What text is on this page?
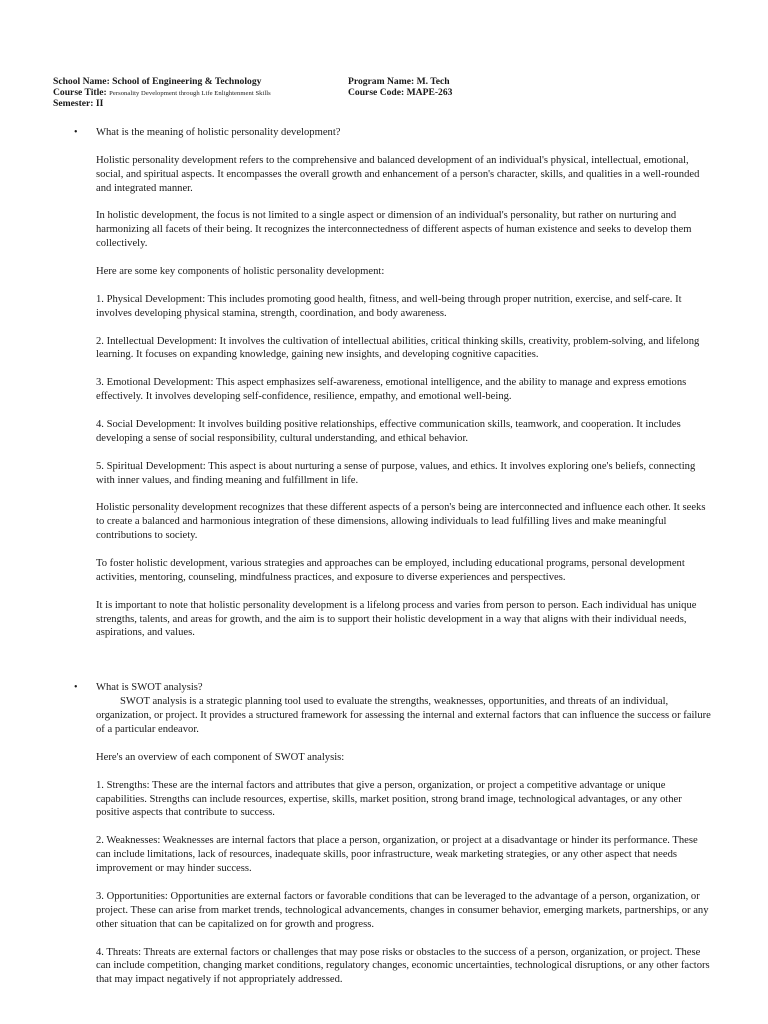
School Name: School of Engineering & Technology	Program Name: M. Tech
Course Title: Personality Development through Life Enlightenment Skills	Course Code: MAPE-263
Semester: II
• What is the meaning of holistic personality development?

Holistic personality development refers to the comprehensive and balanced development of an individual's physical, intellectual, emotional, social, and spiritual aspects. It encompasses the overall growth and enhancement of a person's character, skills, and qualities in a well-rounded and integrated manner.

In holistic development, the focus is not limited to a single aspect or dimension of an individual's personality, but rather on nurturing and harmonizing all facets of their being. It recognizes the interconnectedness of different aspects of human existence and seeks to develop them collectively.

Here are some key components of holistic personality development:

1. Physical Development: This includes promoting good health, fitness, and well-being through proper nutrition, exercise, and self-care. It involves developing physical stamina, strength, coordination, and body awareness.

2. Intellectual Development: It involves the cultivation of intellectual abilities, critical thinking skills, creativity, problem-solving, and lifelong learning. It focuses on expanding knowledge, gaining new insights, and developing cognitive capacities.

3. Emotional Development: This aspect emphasizes self-awareness, emotional intelligence, and the ability to manage and express emotions effectively. It involves developing self-confidence, resilience, empathy, and emotional well-being.

4. Social Development: It involves building positive relationships, effective communication skills, teamwork, and cooperation. It includes developing a sense of social responsibility, cultural understanding, and ethical behavior.

5. Spiritual Development: This aspect is about nurturing a sense of purpose, values, and ethics. It involves exploring one's beliefs, connecting with inner values, and finding meaning and fulfillment in life.

Holistic personality development recognizes that these different aspects of a person's being are interconnected and influence each other. It seeks to create a balanced and harmonious integration of these dimensions, allowing individuals to lead fulfilling lives and make meaningful contributions to society.

To foster holistic development, various strategies and approaches can be employed, including educational programs, personal development activities, mentoring, counseling, mindfulness practices, and exposure to diverse experiences and perspectives.

It is important to note that holistic personality development is a lifelong process and varies from person to person. Each individual has unique strengths, talents, and areas for growth, and the aim is to support their holistic development in a way that aligns with their individual needs, aspirations, and values.

• What is SWOT analysis?

SWOT analysis is a strategic planning tool used to evaluate the strengths, weaknesses, opportunities, and threats of an individual, organization, or project. It provides a structured framework for assessing the internal and external factors that can influence the success or failure of a particular endeavor.

Here's an overview of each component of SWOT analysis:

1. Strengths: These are the internal factors and attributes that give a person, organization, or project a competitive advantage or unique capabilities. Strengths can include resources, expertise, skills, market position, strong brand image, technological advantages, or any other positive aspects that contribute to success.

2. Weaknesses: Weaknesses are internal factors that place a person, organization, or project at a disadvantage or hinder its performance. These can include limitations, lack of resources, inadequate skills, poor infrastructure, weak marketing strategies, or any other aspect that needs improvement or may hinder success.

3. Opportunities: Opportunities are external factors or favorable conditions that can be leveraged to the advantage of a person, organization, or project. These can arise from market trends, technological advancements, changes in consumer behavior, emerging markets, partnerships, or any other situation that can be capitalized on for growth and progress.

4. Threats: Threats are external factors or challenges that may pose risks or obstacles to the success of a person, organization, or project. These can include competition, changing market conditions, regulatory changes, economic uncertainties, technological disruptions, or any other factors that may impact negatively if not appropriately addressed.
